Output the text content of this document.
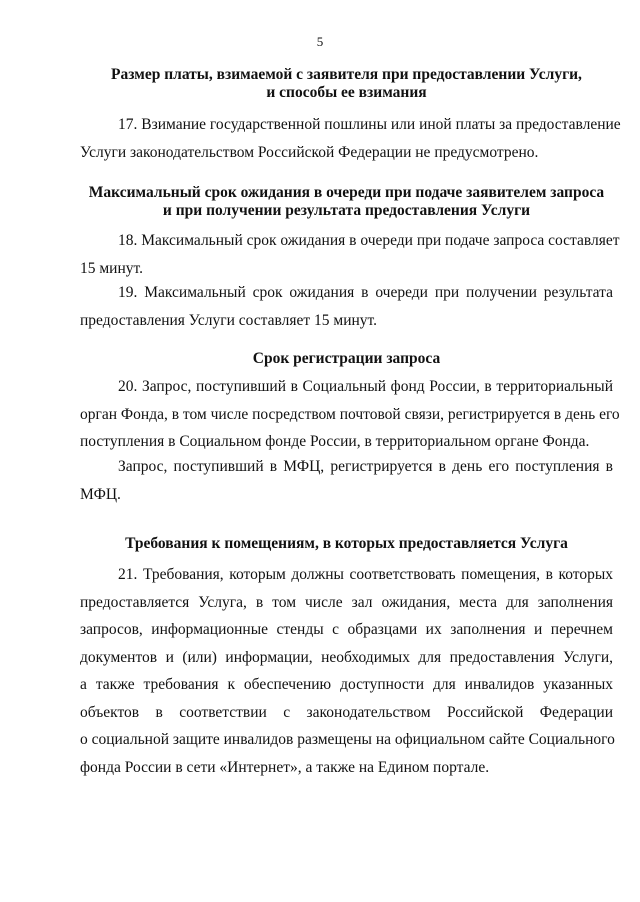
5

Размер платы, взимаемой с заявителя при предоставлении Услуги,
и способы ее взимания

17. Взимание государственной пошлины или иной платы за предоставление
Услуги законодательством Российской Федерации не предусмотрено.

Максимальный срок ожидания в очереди при подаче заявителем запроса
и при получении результата предоставления Услуги

18. Максимальный срок ожидания в очереди при подаче запроса составляет
15 минут.
19. Максимальный срок ожидания в очереди при получении результата
предоставления Услуги составляет 15 минут.

Срок регистрации запроса

20. Запрос, поступивший в Социальный фонд России, в территориальный
орган Фонда, в том числе посредством почтовой связи, регистрируется в день его
поступления в Социальном фонде России, в территориальном органе Фонда.
Запрос, поступивший в МФЦ, регистрируется в день его поступления в
МФЦ.

Требования к помещениям, в которых предоставляется Услуга

21. Требования, которым должны соответствовать помещения, в которых
предоставляется Услуга, в том числе зал ожидания, места для заполнения
запросов, информационные стенды с образцами их заполнения и перечнем
документов и (или) информации, необходимых для предоставления Услуги,
а также требования к обеспечению доступности для инвалидов указанных
объектов в соответствии с законодательством Российской Федерации
о социальной защите инвалидов размещены на официальном сайте Социального
фонда России в сети «Интернет», а также на Едином портале.
